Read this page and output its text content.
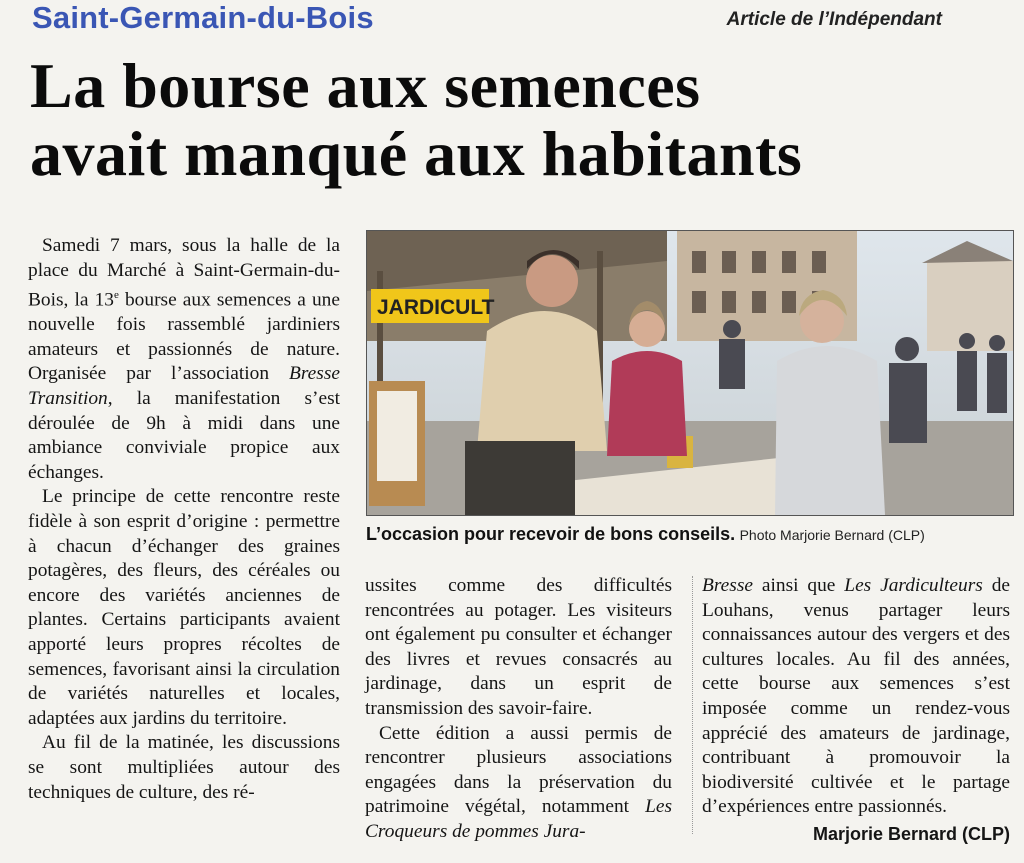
Saint-Germain-du-Bois	Article de l’Indépendant
La bourse aux semences
avait manqué aux habitants

Samedi 7 mars, sous la halle de la place du Marché à Saint-Germain-du-Bois, la 13e bourse aux semences a une nouvelle fois rassemblé jardiniers amateurs et passionnés de nature. Organisée par l’association Bresse Transition, la manifestation s’est déroulée de 9h à midi dans une ambiance conviviale propice aux échanges.

Le principe de cette rencontre reste fidèle à son esprit d’origine : permettre à chacun d’échanger des graines potagères, des fleurs, des céréales ou encore des variétés anciennes de plantes. Certains participants avaient apporté leurs propres récoltes de semences, favorisant ainsi la circulation de variétés naturelles et locales, adaptées aux jardins du territoire.

Au fil de la matinée, les discussions se sont multipliées autour des techniques de culture, des ré-

JARDICULT
L’occasion pour recevoir de bons conseils. Photo Marjorie Bernard (CLP)

ussites comme des difficultés rencontrées au potager. Les visiteurs ont également pu consulter et échanger des livres et revues consacrés au jardinage, dans un esprit de transmission des savoir-faire.

Cette édition a aussi permis de rencontrer plusieurs associations engagées dans la préservation du patrimoine végétal, notamment Les Croqueurs de pommes Jura-

Bresse ainsi que Les Jardiculteurs de Louhans, venus partager leurs connaissances autour des vergers et des cultures locales. Au fil des années, cette bourse aux semences s’est imposée comme un rendez-vous apprécié des amateurs de jardinage, contribuant à promouvoir la biodiversité cultivée et le partage d’expériences entre passionnés.

Marjorie Bernard (CLP)
